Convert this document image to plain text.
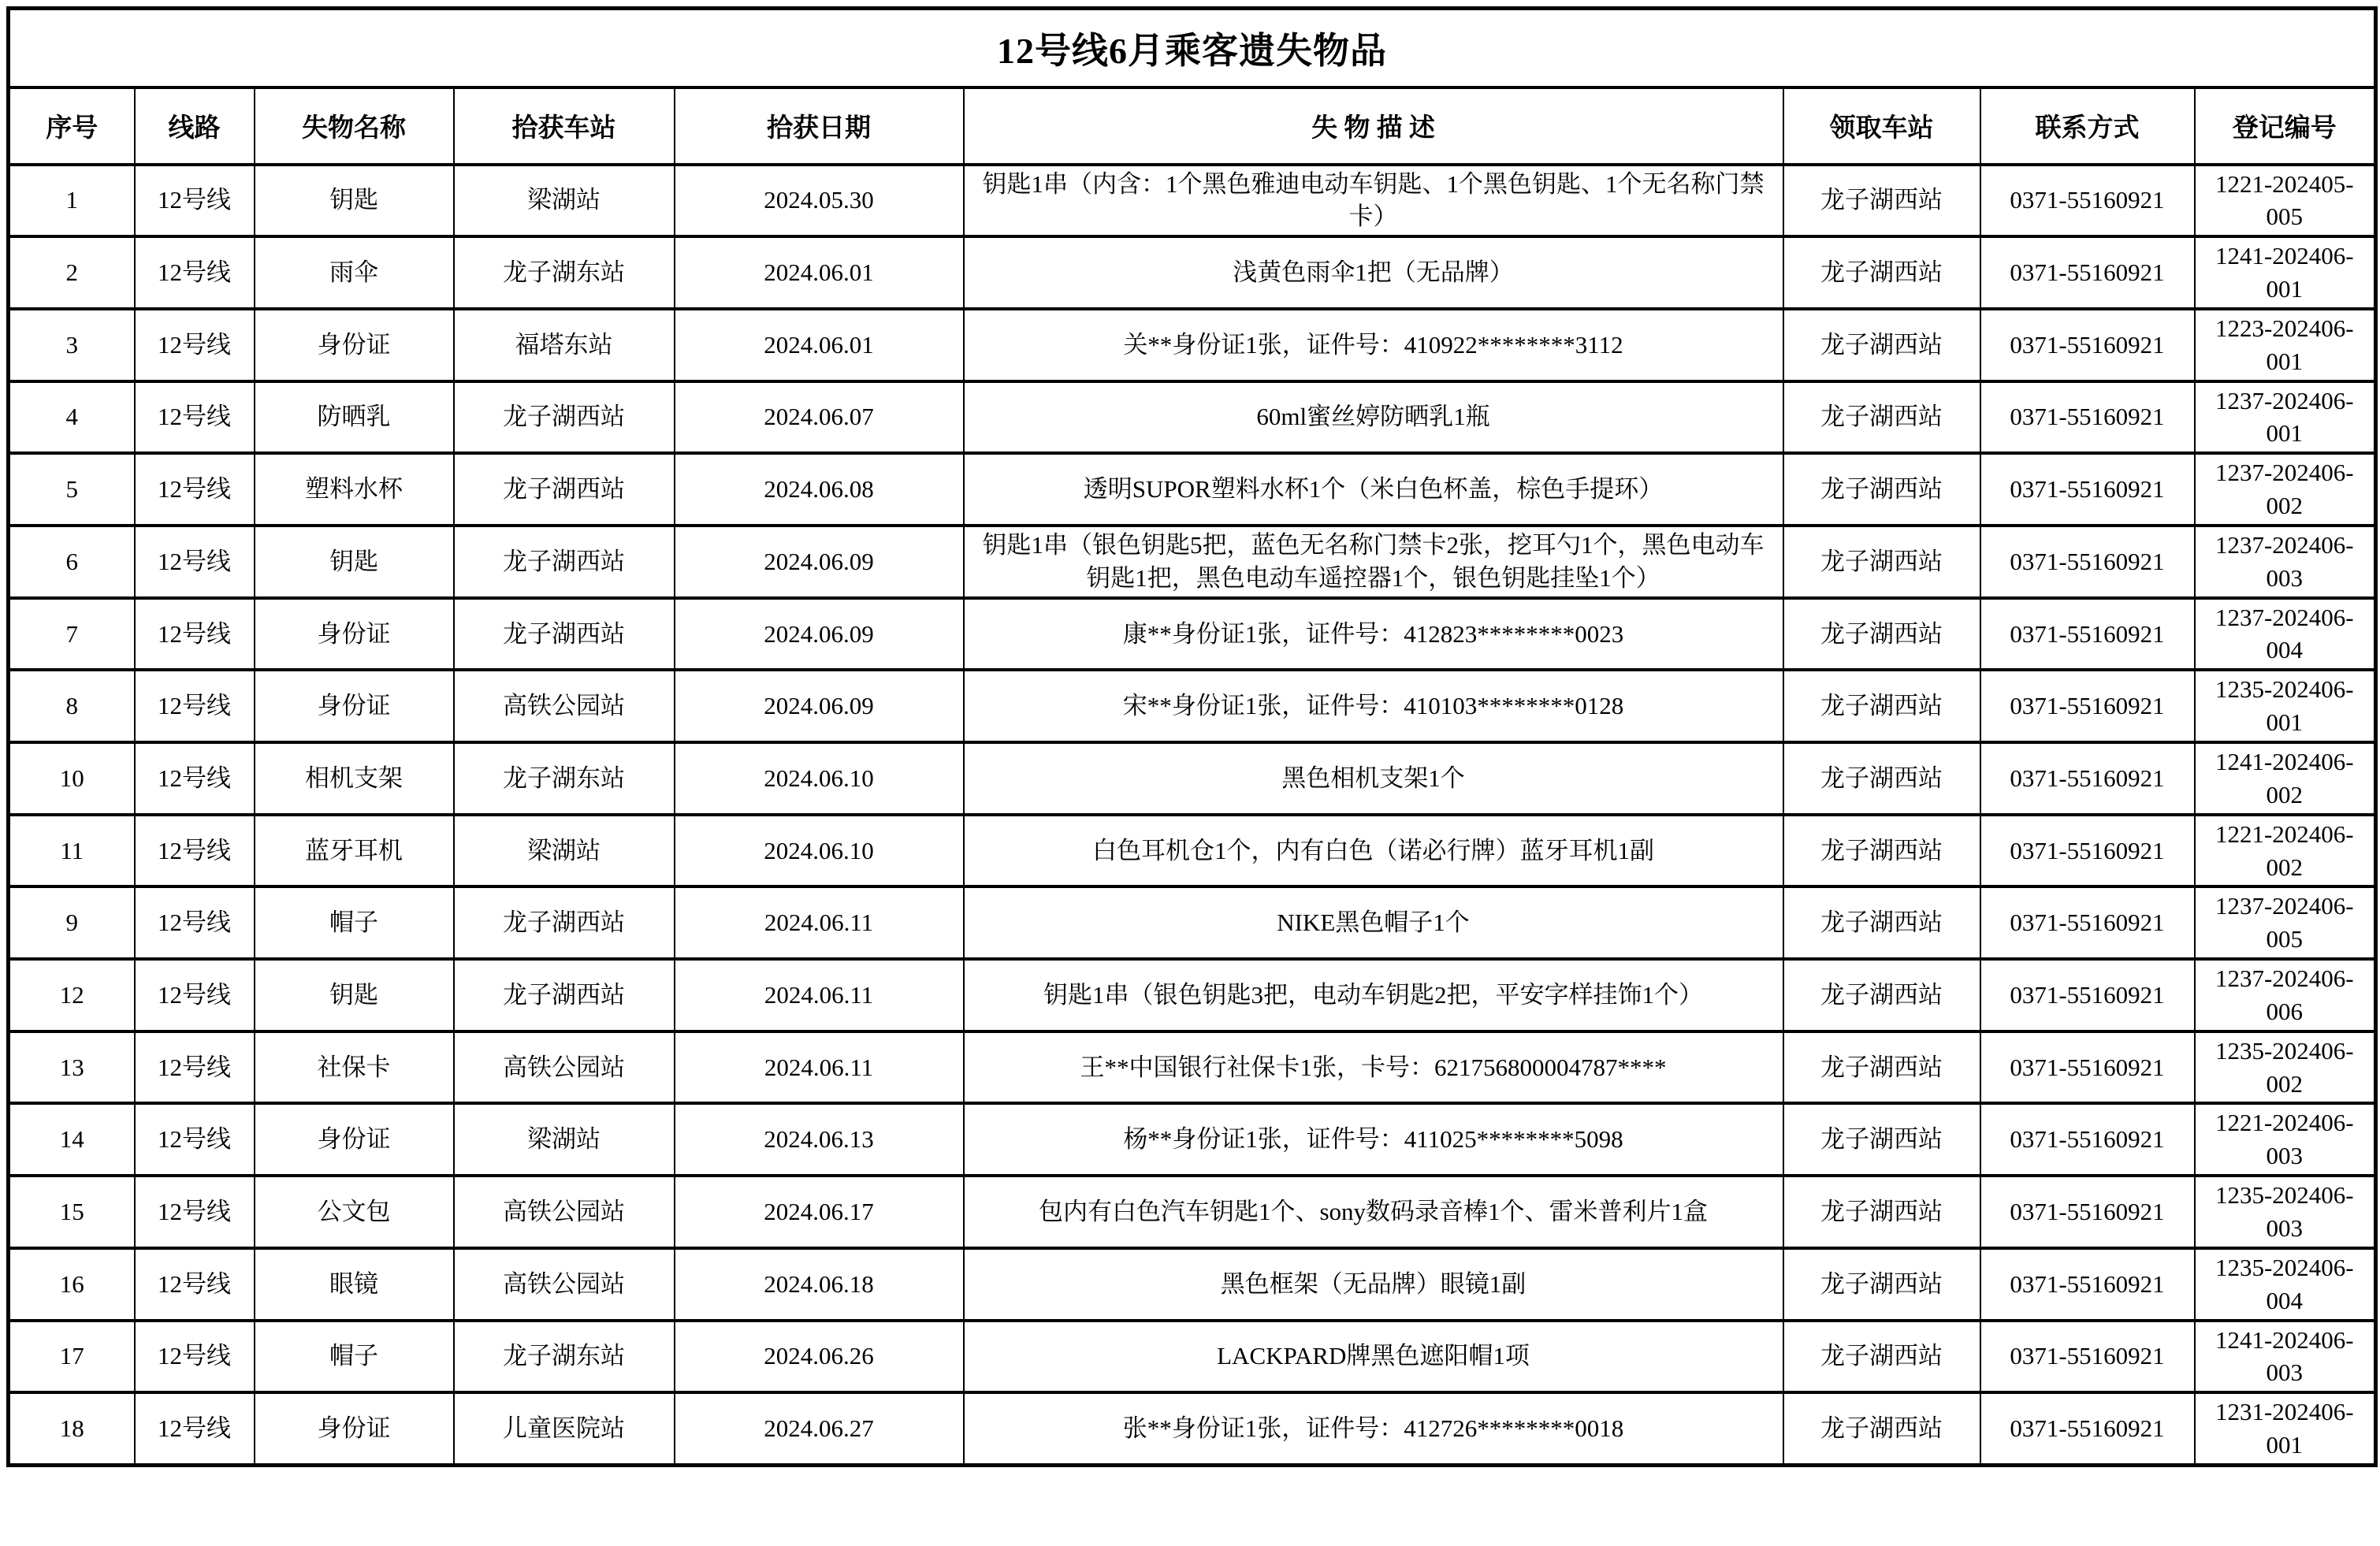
12号线6月乘客遗失物品								
序号	线路	失物名称	拾获车站	拾获日期	失 物 描 述	领取车站	联系方式	登记编号
1	12号线	钥匙	梁湖站	2024.05.30	钥匙1串（内含：1个黑色雅迪电动车钥匙、1个黑色钥匙、1个无名称门禁卡）	龙子湖西站	0371-55160921	1221-202405-005
2	12号线	雨伞	龙子湖东站	2024.06.01	浅黄色雨伞1把（无品牌）	龙子湖西站	0371-55160921	1241-202406-001
3	12号线	身份证	福塔东站	2024.06.01	关**身份证1张，证件号：410922********3112	龙子湖西站	0371-55160921	1223-202406-001
4	12号线	防晒乳	龙子湖西站	2024.06.07	60ml蜜丝婷防晒乳1瓶	龙子湖西站	0371-55160921	1237-202406-001
5	12号线	塑料水杯	龙子湖西站	2024.06.08	透明SUPOR塑料水杯1个（米白色杯盖，棕色手提环）	龙子湖西站	0371-55160921	1237-202406-002
6	12号线	钥匙	龙子湖西站	2024.06.09	钥匙1串（银色钥匙5把，蓝色无名称门禁卡2张，挖耳勺1个，黑色电动车钥匙1把，黑色电动车遥控器1个，银色钥匙挂坠1个）	龙子湖西站	0371-55160921	1237-202406-003
7	12号线	身份证	龙子湖西站	2024.06.09	康**身份证1张，证件号：412823********0023	龙子湖西站	0371-55160921	1237-202406-004
8	12号线	身份证	高铁公园站	2024.06.09	宋**身份证1张，证件号：410103********0128	龙子湖西站	0371-55160921	1235-202406-001
10	12号线	相机支架	龙子湖东站	2024.06.10	黑色相机支架1个	龙子湖西站	0371-55160921	1241-202406-002
11	12号线	蓝牙耳机	梁湖站	2024.06.10	白色耳机仓1个，内有白色（诺必行牌）蓝牙耳机1副	龙子湖西站	0371-55160921	1221-202406-002
9	12号线	帽子	龙子湖西站	2024.06.11	NIKE黑色帽子1个	龙子湖西站	0371-55160921	1237-202406-005
12	12号线	钥匙	龙子湖西站	2024.06.11	钥匙1串（银色钥匙3把，电动车钥匙2把，平安字样挂饰1个）	龙子湖西站	0371-55160921	1237-202406-006
13	12号线	社保卡	高铁公园站	2024.06.11	王**中国银行社保卡1张，卡号：621756800004787****	龙子湖西站	0371-55160921	1235-202406-002
14	12号线	身份证	梁湖站	2024.06.13	杨**身份证1张，证件号：411025********5098	龙子湖西站	0371-55160921	1221-202406-003
15	12号线	公文包	高铁公园站	2024.06.17	包内有白色汽车钥匙1个、sony数码录音棒1个、雷米普利片1盒	龙子湖西站	0371-55160921	1235-202406-003
16	12号线	眼镜	高铁公园站	2024.06.18	黑色框架（无品牌）眼镜1副	龙子湖西站	0371-55160921	1235-202406-004
17	12号线	帽子	龙子湖东站	2024.06.26	LACKPARD牌黑色遮阳帽1项	龙子湖西站	0371-55160921	1241-202406-003
18	12号线	身份证	儿童医院站	2024.06.27	张**身份证1张，证件号：412726********0018	龙子湖西站	0371-55160921	1231-202406-001
